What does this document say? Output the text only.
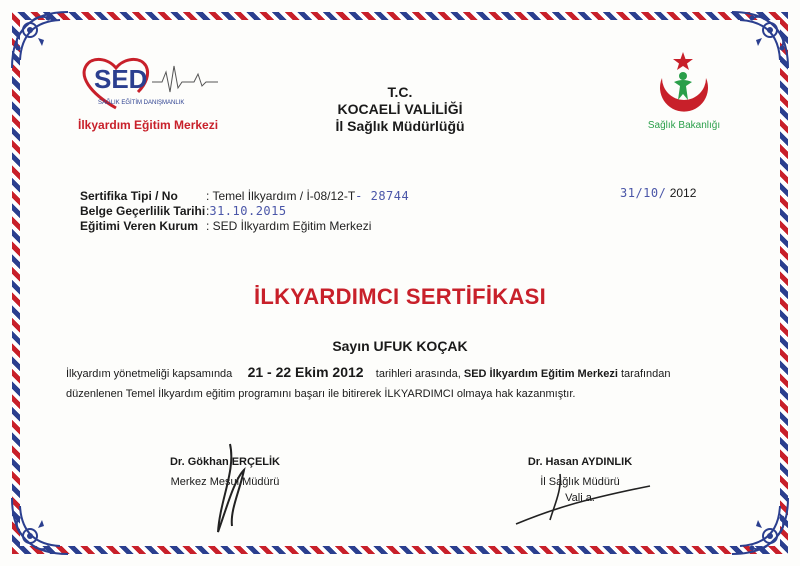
SED
SAĞLIK EĞİTİM DANIŞMANLIK
İlkyardım Eğitim Merkezi	Sağlık Bakanlığı
T.C.
KOCAELİ VALİLİĞİ
İl Sağlık Müdürlüğü
Sertifika Tipi / No	: Temel İlkyardım / İ-08/12-T - 28744
Belge Geçerlilik Tarihi : 31.10.2015
Eğitimi Veren Kurum : SED İlkyardım Eğitim Merkezi
31/10/ 2012
İLKYARDIMCI SERTİFİKASI
Sayın UFUK KOÇAK
İlkyardım yönetmeliği kapsamında 21 - 22 Ekim 2012 tarihleri arasında, SED İlkyardım Eğitim Merkezi tarafından
düzenlenen Temel İlkyardım eğitim programını başarı ile bitirerek İLKYARDIMCI olmaya hak kazanmıştır.
Dr. Gökhan ERÇELİK
Merkez Mesul Müdürü
Dr. Hasan AYDINLIK
İl Sağlık Müdürü
Vali a.
